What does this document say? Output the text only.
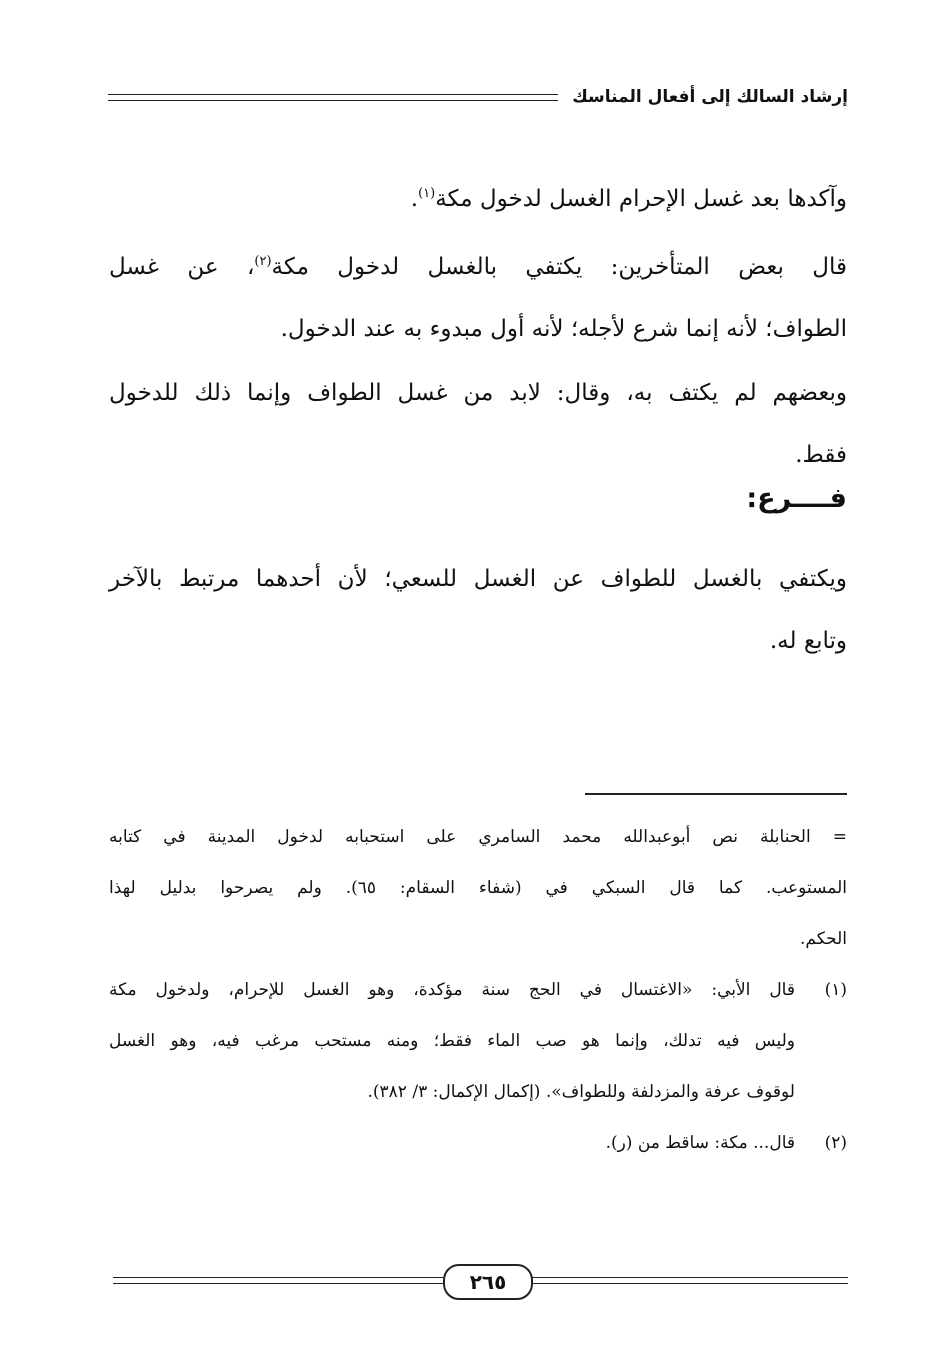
إرشاد السالك إلى أفعال المناسك
وآكدها بعد غسل الإحرام الغسل لدخول مكة$^{(١)}$.
قال بعض المتأخرين: يكتفي بالغسل لدخول مكة$^{(٢)}$، عن غسل
الطواف؛ لأنه إنما شرع لأجله؛ لأنه أول مبدوء به عند الدخول.
وبعضهم لم يكتف به، وقال: لابد من غسل الطواف وإنما ذلك للدخول
فقط.
فــــرع:
ويكتفي بالغسل للطواف عن الغسل للسعي؛ لأن أحدهما مرتبط بالآخر
وتابع له.
= الحنابلة نص أبوعبدالله محمد السامري على استحبابه لدخول المدينة في كتابه
المستوعب. كما قال السبكي في (شفاء السقام: ٦٥). ولم يصرحوا بدليل لهذا
الحكم.
(١)
قال الأبي: «الاغتسال في الحج سنة مؤكدة، وهو الغسل للإحرام، ولدخول مكة
وليس فيه تدلك، وإنما هو صب الماء فقط؛ ومنه مستحب مرغب فيه، وهو الغسل
لوقوف عرفة والمزدلفة وللطواف». (إكمال الإكمال: ٣/ ٣٨٢).
(٢)
قال... مكة: ساقط من (ر).
٢٦٥
